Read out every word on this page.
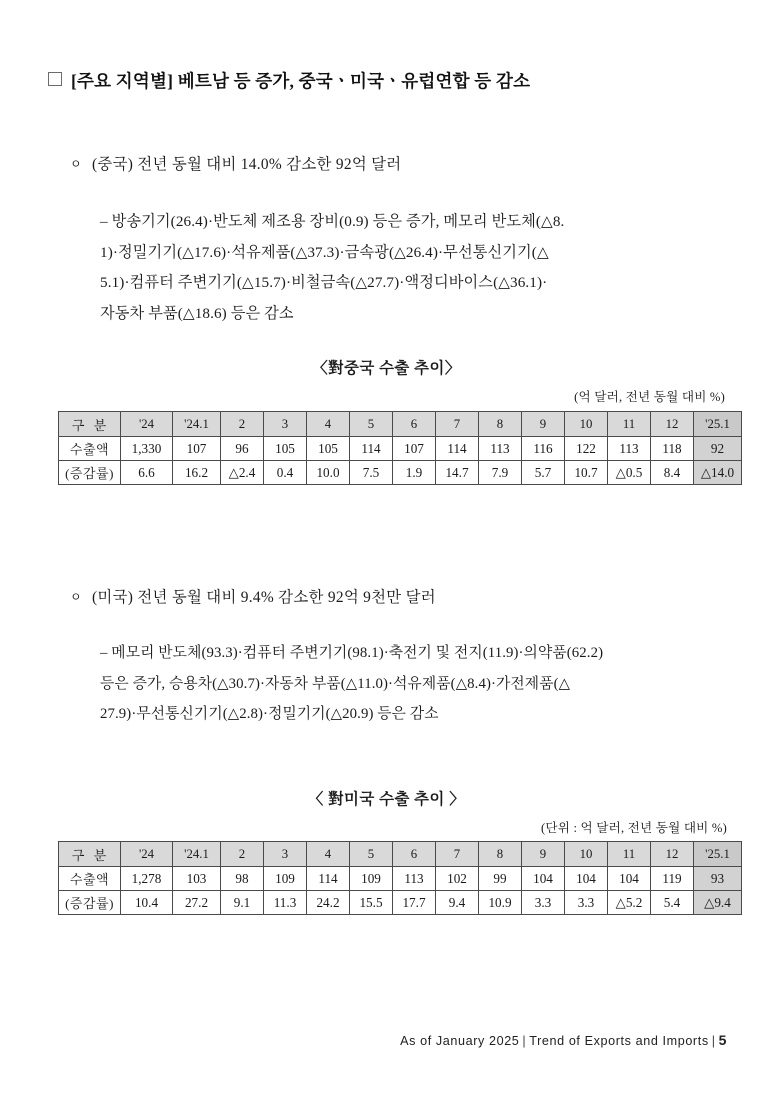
[주요 지역별] 베트남 등 증가, 중국ㆍ미국ㆍ유럽연합 등 감소
ㅇ (중국) 전년 동월 대비 14.0% 감소한 92억 달러
– 방송기기(26.4)·반도체 제조용 장비(0.9) 등은 증가, 메모리 반도체(△8.
1)·정밀기기(△17.6)·석유제품(△37.3)·금속광(△26.4)·무선통신기기(△
5.1)·컴퓨터 주변기기(△15.7)·비철금속(△27.7)·액정디바이스(△36.1)·
자동차 부품(△18.6) 등은 감소
〈對중국 수출 추이〉
(억 달러, 전년 동월 대비 %)
구 분	'24	'24.1	2	3	4	5	6	7	8	9	10	11	12	'25.1
수출액	1,330	107	96	105	105	114	107	114	113	116	122	113	118	92
(증감률)	6.6	16.2	△2.4	0.4	10.0	7.5	1.9	14.7	7.9	5.7	10.7	△0.5	8.4	△14.0
ㅇ (미국) 전년 동월 대비 9.4% 감소한 92억 9천만 달러
– 메모리 반도체(93.3)·컴퓨터 주변기기(98.1)·축전기 및 전지(11.9)·의약품(62.2)
등은 증가, 승용차(△30.7)·자동차 부품(△11.0)·석유제품(△8.4)·가전제품(△
27.9)·무선통신기기(△2.8)·정밀기기(△20.9) 등은 감소
〈 對미국 수출 추이 〉
(단위 : 억 달러, 전년 동월 대비 %)
구 분	'24	'24.1	2	3	4	5	6	7	8	9	10	11	12	'25.1
수출액	1,278	103	98	109	114	109	113	102	99	104	104	104	119	93
(증감률)	10.4	27.2	9.1	11.3	24.2	15.5	17.7	9.4	10.9	3.3	3.3	△5.2	5.4	△9.4
As of January 2025 | Trend of Exports and Imports | 5
